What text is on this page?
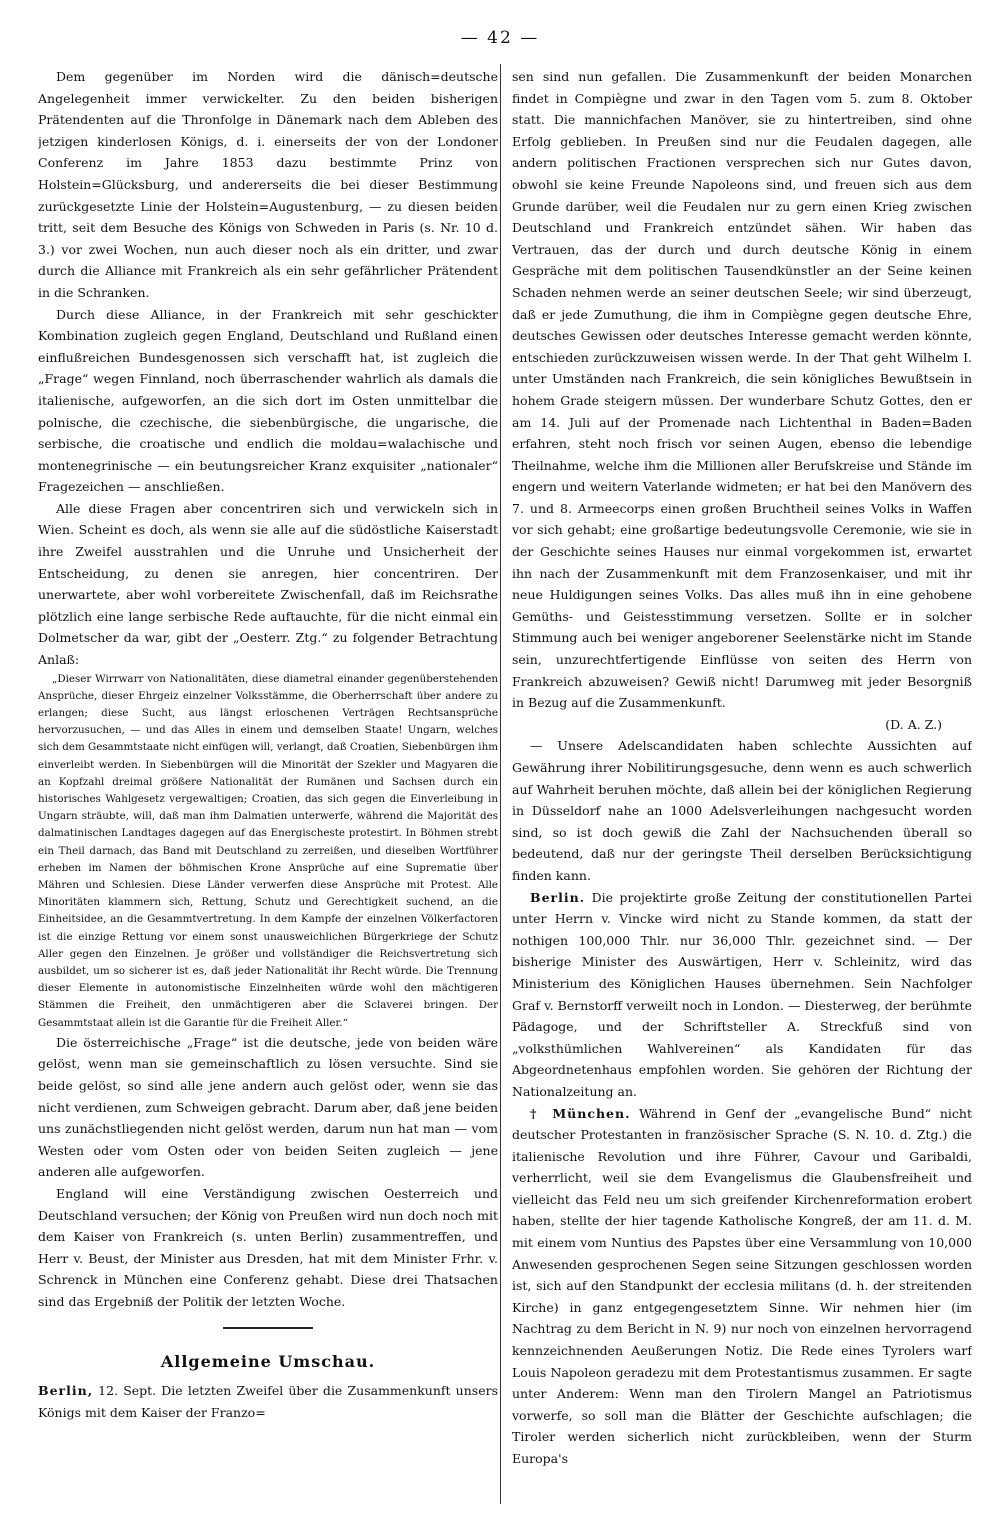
— 42 —

Dem gegenüber im Norden wird die dänisch=deutsche Angelegenheit immer verwickelter. Zu den beiden bisherigen Prätendenten auf die Thronfolge in Dänemark nach dem Ableben des jetzigen kinderlosen Königs, d. i. einerseits der von der Londoner Conferenz im Jahre 1853 dazu bestimmte Prinz von Holstein=Glücksburg, und andererseits die bei dieser Bestimmung zurückgesetzte Linie der Holstein=Augustenburg, — zu diesen beiden tritt, seit dem Besuche des Königs von Schweden in Paris (s. Nr. 10 d. 3.) vor zwei Wochen, nun auch dieser noch als ein dritter, und zwar durch die Alliance mit Frankreich als ein sehr gefährlicher Prätendent in die Schranken.

Durch diese Alliance, in der Frankreich mit sehr geschickter Kombination zugleich gegen England, Deutschland und Rußland einen einflußreichen Bundesgenossen sich verschafft hat, ist zugleich die „Frage“ wegen Finnland, noch überraschender wahrlich als damals die italienische, aufgeworfen, an die sich dort im Osten unmittelbar die polnische, die czechische, die siebenbürgische, die ungarische, die serbische, die croatische und endlich die moldau=walachische und montenegrinische — ein beutungsreicher Kranz exquisiter „nationaler“ Fragezeichen — anschließen.

Alle diese Fragen aber concentriren sich und verwickeln sich in Wien. Scheint es doch, als wenn sie alle auf die südöstliche Kaiserstadt ihre Zweifel ausstrahlen und die Unruhe und Unsicherheit der Entscheidung, zu denen sie anregen, hier concentriren. Der unerwartete, aber wohl vorbereitete Zwischenfall, daß im Reichsrathe plötzlich eine lange serbische Rede auftauchte, für die nicht einmal ein Dolmetscher da war, gibt der „Oesterr. Ztg.“ zu folgender Betrachtung Anlaß:

„Dieser Wirrwarr von Nationalitäten, diese diametral einander gegenüberstehenden Ansprüche, dieser Ehrgeiz einzelner Volksstämme, die Oberherrschaft über andere zu erlangen; diese Sucht, aus längst erloschenen Verträgen Rechtsansprüche hervorzusuchen, — und das Alles in einem und demselben Staate! Ungarn, welches sich dem Gesammtstaate nicht einfügen will, verlangt, daß Croatien, Siebenbürgen ihm einverleibt werden. In Siebenbürgen will die Minorität der Szekler und Magyaren die an Kopfzahl dreimal größere Nationalität der Rumänen und Sachsen durch ein historisches Wahlgesetz vergewaltigen; Croatien, das sich gegen die Einverleibung in Ungarn sträubte, will, daß man ihm Dalmatien unterwerfe, während die Majorität des dalmatinischen Landtages dagegen auf das Energischeste protestirt. In Böhmen strebt ein Theil darnach, das Band mit Deutschland zu zerreißen, und dieselben Wortführer erheben im Namen der böhmischen Krone Ansprüche auf eine Suprematie über Mähren und Schlesien. Diese Länder verwerfen diese Ansprüche mit Protest. Alle Minoritäten klammern sich, Rettung, Schutz und Gerechtigkeit suchend, an die Einheitsidee, an die Gesammtvertretung. In dem Kampfe der einzelnen Völkerfactoren ist die einzige Rettung vor einem sonst unausweichlichen Bürgerkriege der Schutz Aller gegen den Einzelnen. Je größer und vollständiger die Reichsvertretung sich ausbildet, um so sicherer ist es, daß jeder Nationalität ihr Recht würde. Die Trennung dieser Elemente in autonomistische Einzelnheiten würde wohl den mächtigeren Stämmen die Freiheit, den unmächtigeren aber die Sclaverei bringen. Der Gesammtstaat allein ist die Garantie für die Freiheit Aller.“

Die österreichische „Frage“ ist die deutsche, jede von beiden wäre gelöst, wenn man sie gemeinschaftlich zu lösen versuchte. Sind sie beide gelöst, so sind alle jene andern auch gelöst oder, wenn sie das nicht verdienen, zum Schweigen gebracht. Darum aber, daß jene beiden uns zunächstliegenden nicht gelöst werden, darum nun hat man — vom Westen oder vom Osten oder von beiden Seiten zugleich — jene anderen alle aufgeworfen.

England will eine Verständigung zwischen Oesterreich und Deutschland versuchen; der König von Preußen wird nun doch noch mit dem Kaiser von Frankreich (s. unten Berlin) zusammentreffen, und Herr v. Beust, der Minister aus Dresden, hat mit dem Minister Frhr. v. Schrenck in München eine Conferenz gehabt. Diese drei Thatsachen sind das Ergebniß der Politik der letzten Woche.

Allgemeine Umschau.

Berlin, 12. Sept. Die letzten Zweifel über die Zusammenkunft unsers Königs mit dem Kaiser der Franzo=

sen sind nun gefallen. Die Zusammenkunft der beiden Monarchen findet in Compiègne und zwar in den Tagen vom 5. zum 8. Oktober statt. Die mannichfachen Manöver, sie zu hintertreiben, sind ohne Erfolg geblieben. In Preußen sind nur die Feudalen dagegen, alle andern politischen Fractionen versprechen sich nur Gutes davon, obwohl sie keine Freunde Napoleons sind, und freuen sich aus dem Grunde darüber, weil die Feudalen nur zu gern einen Krieg zwischen Deutschland und Frankreich entzündet sähen. Wir haben das Vertrauen, das der durch und durch deutsche König in einem Gespräche mit dem politischen Tausendkünstler an der Seine keinen Schaden nehmen werde an seiner deutschen Seele; wir sind überzeugt, daß er jede Zumuthung, die ihm in Compiègne gegen deutsche Ehre, deutsches Gewissen oder deutsches Interesse gemacht werden könnte, entschieden zurückzuweisen wissen werde. In der That geht Wilhelm I. unter Umständen nach Frankreich, die sein königliches Bewußtsein in hohem Grade steigern müssen. Der wunderbare Schutz Gottes, den er am 14. Juli auf der Promenade nach Lichtenthal in Baden=Baden erfahren, steht noch frisch vor seinen Augen, ebenso die lebendige Theilnahme, welche ihm die Millionen aller Berufskreise und Stände im engern und weitern Vaterlande widmeten; er hat bei den Manövern des 7. und 8. Armeecorps einen großen Bruchtheil seines Volks in Waffen vor sich gehabt; eine großartige bedeutungsvolle Ceremonie, wie sie in der Geschichte seines Hauses nur einmal vorgekommen ist, erwartet ihn nach der Zusammenkunft mit dem Franzosenkaiser, und mit ihr neue Huldigungen seines Volks. Das alles muß ihn in eine gehobene Gemüths- und Geistesstimmung versetzen. Sollte er in solcher Stimmung auch bei weniger angeborener Seelenstärke nicht im Stande sein, unzurechtfertigende Einflüsse von seiten des Herrn von Frankreich abzuweisen? Gewiß nicht! Darumweg mit jeder Besorgniß in Bezug auf die Zusammenkunft.

(D. A. Z.)

— Unsere Adelscandidaten haben schlechte Aussichten auf Gewährung ihrer Nobilitirungsgesuche, denn wenn es auch schwerlich auf Wahrheit beruhen möchte, daß allein bei der königlichen Regierung in Düsseldorf nahe an 1000 Adelsverleihungen nachgesucht worden sind, so ist doch gewiß die Zahl der Nachsuchenden überall so bedeutend, daß nur der geringste Theil derselben Berücksichtigung finden kann.

Berlin. Die projektirte große Zeitung der constitutionellen Partei unter Herrn v. Vincke wird nicht zu Stande kommen, da statt der nothigen 100,000 Thlr. nur 36,000 Thlr. gezeichnet sind. — Der bisherige Minister des Auswärtigen, Herr v. Schleinitz, wird das Ministerium des Königlichen Hauses übernehmen. Sein Nachfolger Graf v. Bernstorff verweilt noch in London. — Diesterweg, der berühmte Pädagoge, und der Schriftsteller A. Streckfuß sind von „volksthümlichen Wahlvereinen“ als Kandidaten für das Abgeordnetenhaus empfohlen worden. Sie gehören der Richtung der Nationalzeitung an.

† München. Während in Genf der „evangelische Bund“ nicht deutscher Protestanten in französischer Sprache (S. N. 10. d. Ztg.) die italienische Revolution und ihre Führer, Cavour und Garibaldi, verherrlicht, weil sie dem Evangelismus die Glaubensfreiheit und vielleicht das Feld neu um sich greifender Kirchenreformation erobert haben, stellte der hier tagende Katholische Kongreß, der am 11. d. M. mit einem vom Nuntius des Papstes über eine Versammlung von 10,000 Anwesenden gesprochenen Segen seine Sitzungen geschlossen worden ist, sich auf den Standpunkt der ecclesia militans (d. h. der streitenden Kirche) in ganz entgegengesetztem Sinne. Wir nehmen hier (im Nachtrag zu dem Bericht in N. 9) nur noch von einzelnen hervorragend kennzeichnenden Aeußerungen Notiz. Die Rede eines Tyrolers warf Louis Napoleon geradezu mit dem Protestantismus zusammen. Er sagte unter Anderem: Wenn man den Tirolern Mangel an Patriotismus vorwerfe, so soll man die Blätter der Geschichte aufschlagen; die Tiroler werden sicherlich nicht zurückbleiben, wenn der Sturm Europa's
